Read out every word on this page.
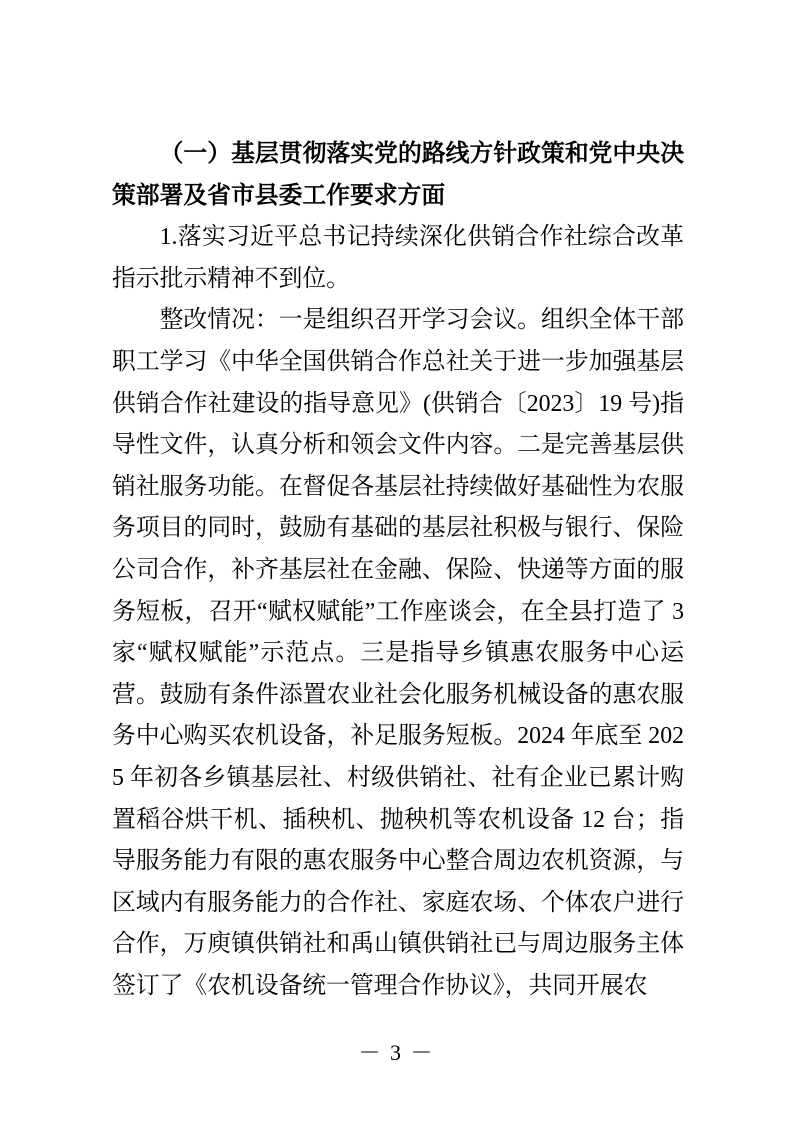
（一）基层贯彻落实党的路线方针政策和党中央决策部署及省市县委工作要求方面

1.落实习近平总书记持续深化供销合作社综合改革指示批示精神不到位。

整改情况：一是组织召开学习会议。组织全体干部职工学习《中华全国供销合作总社关于进一步加强基层供销合作社建设的指导意见》(供销合〔2023〕19 号)指导性文件，认真分析和领会文件内容。二是完善基层供销社服务功能。在督促各基层社持续做好基础性为农服务项目的同时，鼓励有基础的基层社积极与银行、保险公司合作，补齐基层社在金融、保险、快递等方面的服务短板，召开“赋权赋能”工作座谈会，在全县打造了 3 家“赋权赋能”示范点。三是指导乡镇惠农服务中心运营。鼓励有条件添置农业社会化服务机械设备的惠农服务中心购买农机设备，补足服务短板。2024 年底至 2025 年初各乡镇基层社、村级供销社、社有企业已累计购置稻谷烘干机、插秧机、抛秧机等农机设备 12 台；指导服务能力有限的惠农服务中心整合周边农机资源，与区域内有服务能力的合作社、家庭农场、个体农户进行合作，万庾镇供销社和禹山镇供销社已与周边服务主体签订了《农机设备统一管理合作协议》，共同开展农

－ 3 －
